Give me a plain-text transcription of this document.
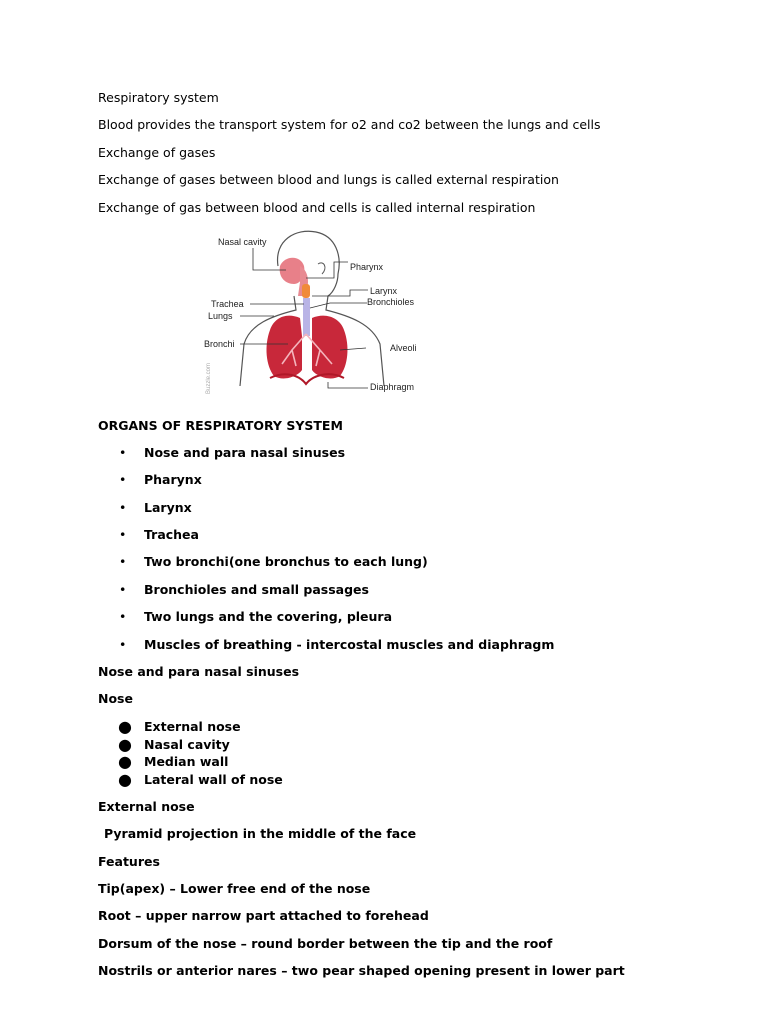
Respiratory system
Blood provides the transport system for o2 and co2 between the lungs and cells
Exchange of gases
Exchange of gases between blood and lungs is called external respiration
Exchange of gas between blood and cells is called internal respiration
Nasal cavity
Pharynx
Larynx
Bronchioles
Trachea
Lungs
Bronchi	Alveoli
Diaphragm
Buzzle.com
ORGANS OF RESPIRATORY SYSTEM
• Nose and para nasal sinuses
• Pharynx
• Larynx
• Trachea
• Two bronchi(one bronchus to each lung)
• Bronchioles and small passages
• Two lungs and the covering, pleura
• Muscles of breathing - intercostal muscles and diaphragm
Nose and para nasal sinuses
Nose
● External nose
● Nasal cavity
● Median wall
● Lateral wall of nose
External nose
Pyramid projection in the middle of the face
Features
Tip(apex) – Lower free end of the nose
Root – upper narrow part attached to forehead
Dorsum of the nose – round border between the tip and the roof
Nostrils or anterior nares – two pear shaped opening present in lower part
